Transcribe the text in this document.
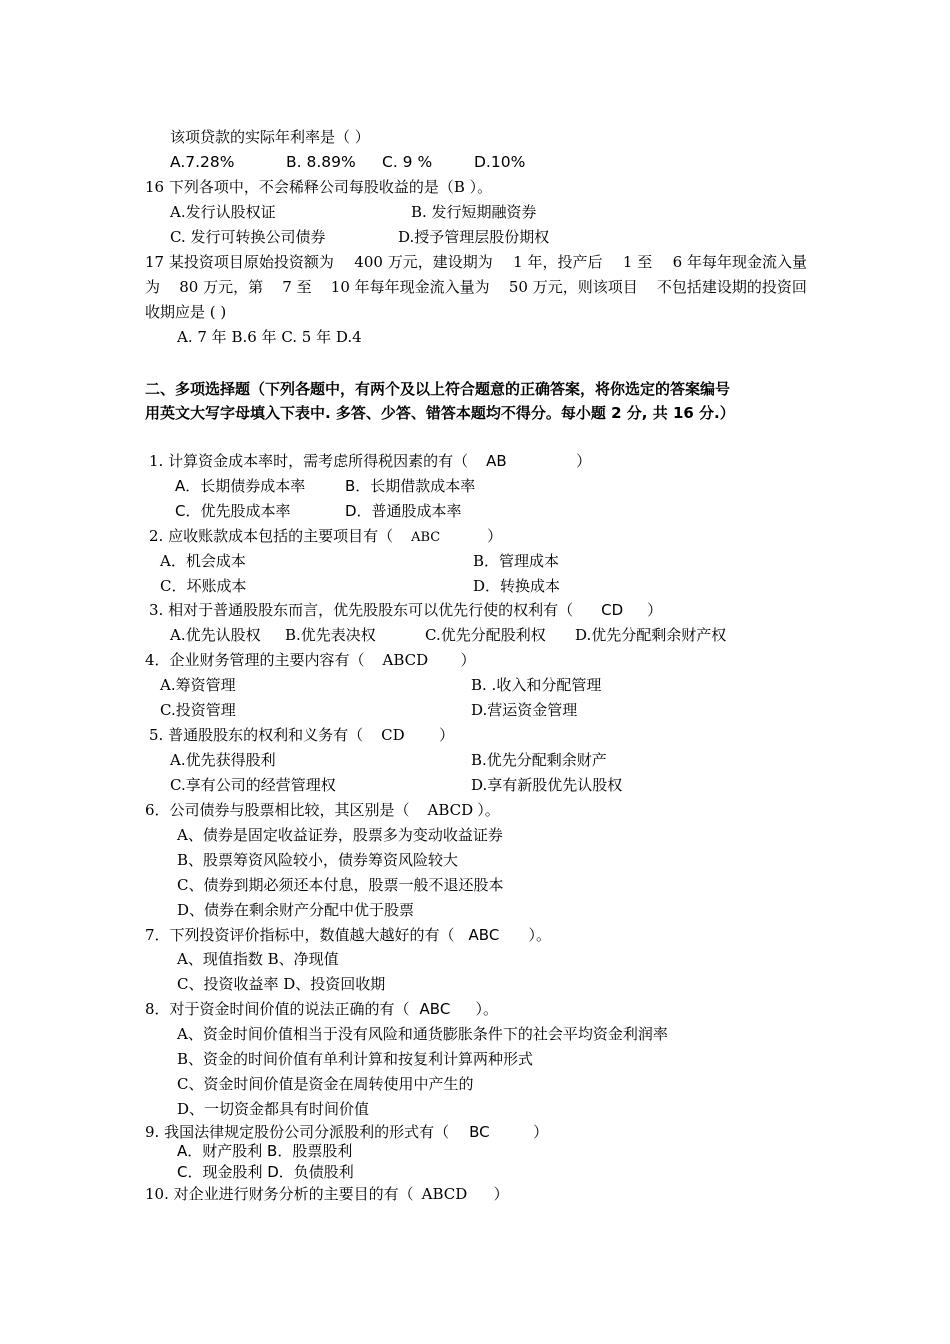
该项贷款的实际年利率是（ ）
A.7.28%	B. 8.89% C. 9 %	D.10%
16 下列各项中，不会稀释公司每股收益的是（B ）。
A.发行认股权证	B. 发行短期融资券
C. 发行可转换公司债券	D.授予管理层股份期权
17 某投资项目原始投资额为 400 万元，建设期为 1 年，投产后 1 至 6 年每年现金流入量
为 80 万元，第 7 至 10 年每年现金流入量为 50 万元，则该项目 不包括建设期的投资回
收期应是 ( )
A. 7 年 B.6 年 C. 5 年 D.4
二、多项选择题（下列各题中，有两个及以上符合题意的正确答案，将你选定的答案编号
用英文大写字母填入下表中. 多答、少答、错答本题均不得分。每小题 2 分, 共 16 分.）
1. 计算资金成本率时，需考虑所得税因素的有（ AB	）
A．长期债券成本率	B．长期借款成本率
C．优先股成本率	D．普通股成本率
2. 应收账款成本包括的主要项目有（ ABC	）
A．机会成本	B．管理成本
C．坏账成本	D．转换成本
3. 相对于普通股股东而言，优先股股东可以优先行使的权利有（ CD ）
A.优先认股权 B.优先表决权	C.优先分配股利权 D.优先分配剩余财产权
4．企业财务管理的主要内容有（ ABCD ）
A.筹资管理	B. .收入和分配管理
C.投资管理	D.营运资金管理
5. 普通股股东的权利和义务有（ CD ）
A.优先获得股利	B.优先分配剩余财产
C.享有公司的经营管理权	D.享有新股优先认股权
6．公司债券与股票相比较，其区别是（ ABCD ）。
A、债券是固定收益证券，股票多为变动收益证券
B、股票筹资风险较小，债券筹资风险较大
C、债券到期必须还本付息，股票一般不退还股本
D、债券在剩余财产分配中优于股票
7．下列投资评价指标中，数值越大越好的有（ ABC ）。
A、现值指数 B、净现值
C、投资收益率 D、投资回收期
8．对于资金时间价值的说法正确的有（ ABC ）。
A、资金时间价值相当于没有风险和通货膨胀条件下的社会平均资金利润率
B、资金的时间价值有单利计算和按复利计算两种形式
C、资金时间价值是资金在周转使用中产生的
D、一切资金都具有时间价值
9. 我国法律规定股份公司分派股利的形式有（ BC	）
A．财产股利 B．股票股利
C．现金股利 D．负债股利
10. 对企业进行财务分析的主要目的有（ ABCD ）
